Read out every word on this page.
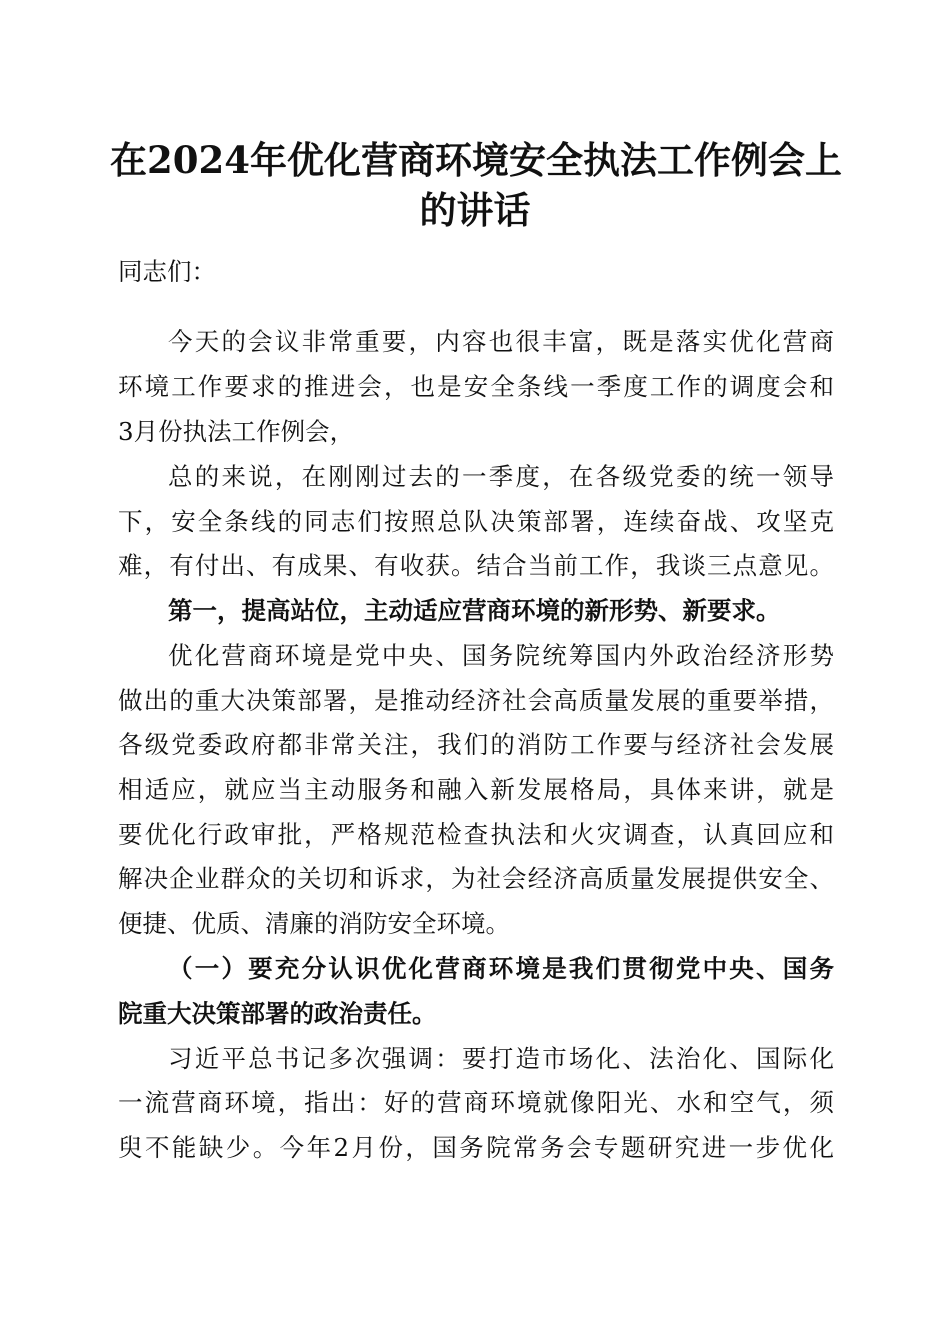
在2024年优化营商环境安全执法工作例会上
的讲话
同志们：
今天的会议非常重要，内容也很丰富，既是落实优化营商
环境工作要求的推进会，也是安全条线一季度工作的调度会和
3月份执法工作例会，
总的来说，在刚刚过去的一季度，在各级党委的统一领导
下，安全条线的同志们按照总队决策部署，连续奋战、攻坚克
难，有付出、有成果、有收获。结合当前工作，我谈三点意见。
第一，提高站位，主动适应营商环境的新形势、新要求。
优化营商环境是党中央、国务院统筹国内外政治经济形势
做出的重大决策部署，是推动经济社会高质量发展的重要举措，
各级党委政府都非常关注，我们的消防工作要与经济社会发展
相适应，就应当主动服务和融入新发展格局，具体来讲，就是
要优化行政审批，严格规范检查执法和火灾调查，认真回应和
解决企业群众的关切和诉求，为社会经济高质量发展提供安全、
便捷、优质、清廉的消防安全环境。
（一）要充分认识优化营商环境是我们贯彻党中央、国务
院重大决策部署的政治责任。
习近平总书记多次强调：要打造市场化、法治化、国际化
一流营商环境，指出：好的营商环境就像阳光、水和空气，须
臾不能缺少。今年2月份，国务院常务会专题研究进一步优化
